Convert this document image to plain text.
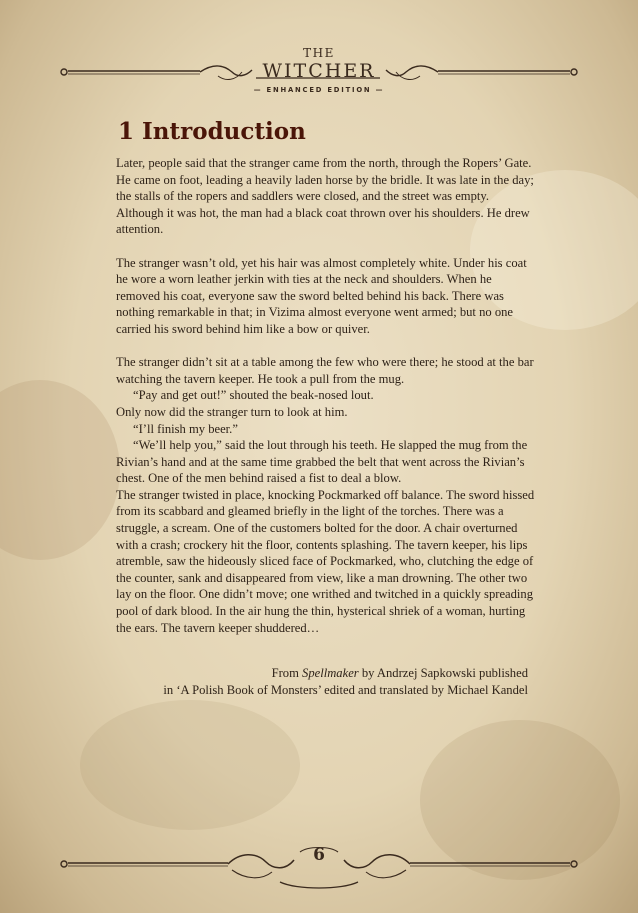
THE
WITCHER
— ENHANCED EDITION —
1 Introduction

Later, people said that the stranger came from the north, through the Ropers’ Gate. He came on foot, leading a heavily laden horse by the bridle. It was late in the day; the stalls of the ropers and saddlers were closed, and the street was empty. Although it was hot, the man had a black coat thrown over his shoulders. He drew attention.

The stranger wasn’t old, yet his hair was almost completely white. Under his coat he wore a worn leather jerkin with ties at the neck and shoulders. When he removed his coat, everyone saw the sword belted behind his back. There was nothing remarkable in that; in Vizima almost everyone went armed; but no one carried his sword behind him like a bow or quiver.

The stranger didn’t sit at a table among the few who were there; he stood at the bar watching the tavern keeper. He took a pull from the mug.

“Pay and get out!” shouted the beak-nosed lout.

Only now did the stranger turn to look at him.

“I’ll finish my beer.”

“We’ll help you,” said the lout through his teeth. He slapped the mug from the Rivian’s hand and at the same time grabbed the belt that went across the Rivian’s chest. One of the men behind raised a fist to deal a blow.

The stranger twisted in place, knocking Pockmarked off balance. The sword hissed from its scabbard and gleamed briefly in the light of the torches. There was a struggle, a scream. One of the customers bolted for the door. A chair overturned with a crash; crockery hit the floor, contents splashing. The tavern keeper, his lips atremble, saw the hideously sliced face of Pockmarked, who, clutching the edge of the counter, sank and disappeared from view, like a man drowning. The other two lay on the floor. One didn’t move; one writhed and twitched in a quickly spreading pool of dark blood. In the air hung the thin, hysterical shriek of a woman, hurting the ears. The tavern keeper shuddered…

From Spellmaker by Andrzej Sapkowski published
in ‘A Polish Book of Monsters’ edited and translated by Michael Kandel
6
